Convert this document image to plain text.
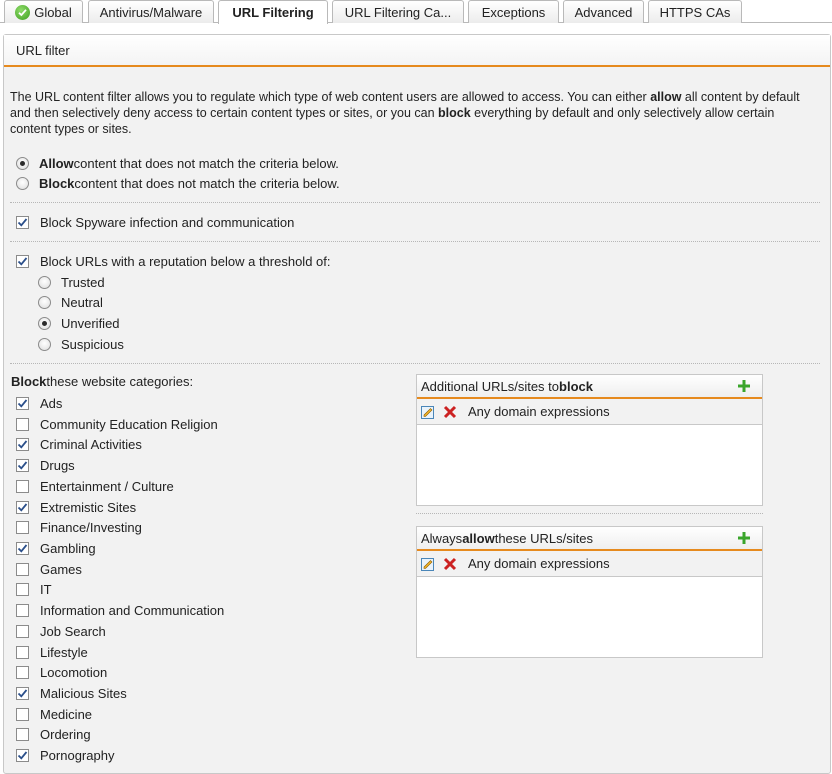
Global Antivirus/Malware URL Filtering URL Filtering Ca... Exceptions Advanced HTTPS CAs
URL filter
The URL content filter allows you to regulate which type of web content users are allowed to access. You can either allow all content by default and then selectively deny access to certain content types or sites, or you can block everything by default and only selectively allow certain content types or sites.
Allow content that does not match the criteria below.
Block content that does not match the criteria below.
Block Spyware infection and communication
Block URLs with a reputation below a threshold of:
Trusted
Neutral
Unverified
Suspicious
Block these website categories:
Ads
Community Education Religion
Criminal Activities
Drugs
Entertainment / Culture
Extremistic Sites
Finance/Investing
Gambling
Games
IT
Information and Communication
Job Search
Lifestyle
Locomotion
Malicious Sites
Medicine
Ordering
Pornography
Additional URLs/sites to block
Any domain expressions
Always allow these URLs/sites
Any domain expressions
